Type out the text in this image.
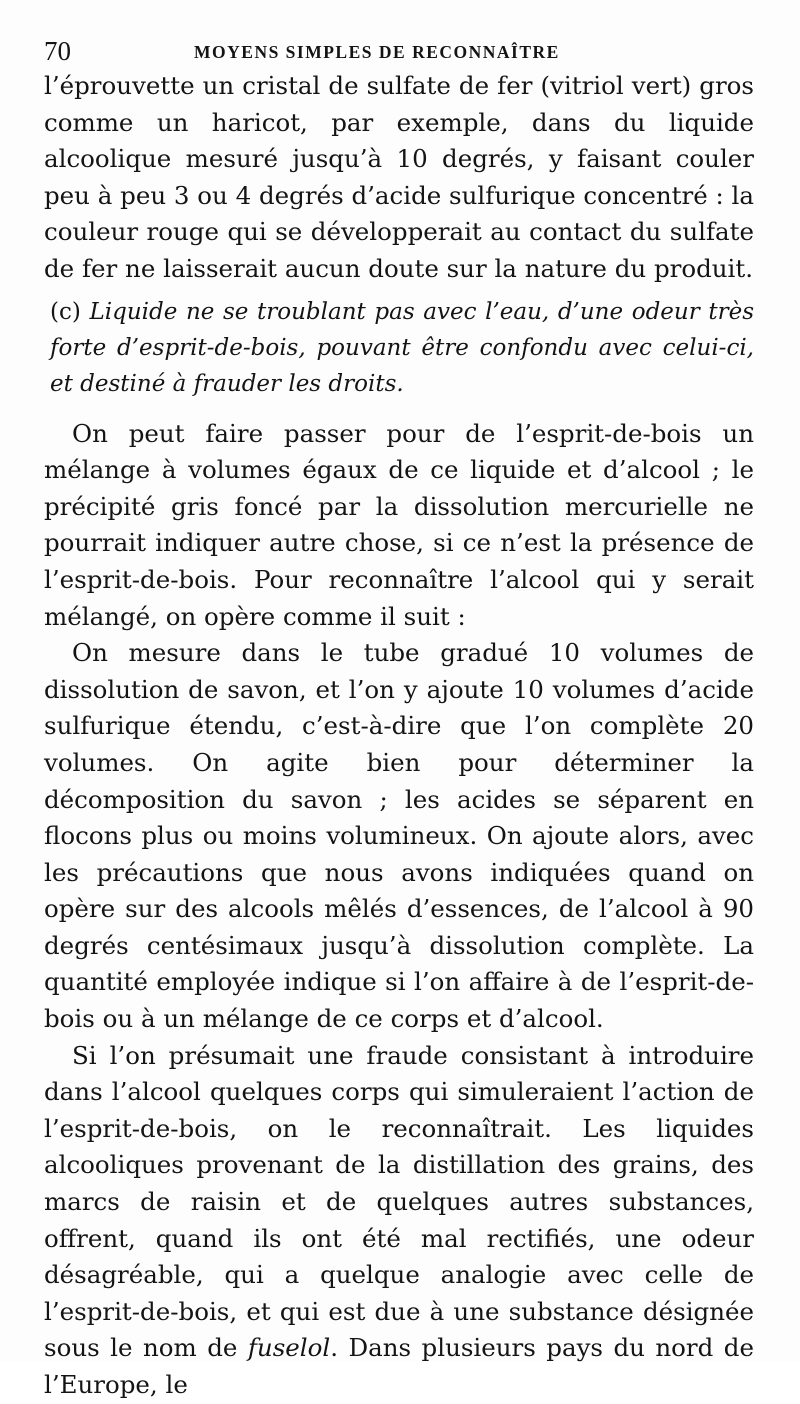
70	MOYENS SIMPLES DE RECONNAÎTRE

l’éprouvette un cristal de sulfate de fer (vitriol vert) gros comme un haricot, par exemple, dans du liquide alcoolique mesuré jusqu’à 10 degrés, y faisant couler peu à peu 3 ou 4 degrés d’acide sulfurique concentré : la couleur rouge qui se développerait au contact du sulfate de fer ne laisserait aucun doute sur la nature du produit.

(c) Liquide ne se troublant pas avec l’eau, d’une odeur très forte d’esprit-de-bois, pouvant être confondu avec celui-ci, et destiné à frauder les droits.

On peut faire passer pour de l’esprit-de-bois un mélange à volumes égaux de ce liquide et d’alcool ; le précipité gris foncé par la dissolution mercurielle ne pourrait indiquer autre chose, si ce n’est la présence de l’esprit-de-bois. Pour reconnaître l’alcool qui y serait mélangé, on opère comme il suit :

On mesure dans le tube gradué 10 volumes de dissolution de savon, et l’on y ajoute 10 volumes d’acide sulfurique étendu, c’est-à-dire que l’on complète 20 volumes. On agite bien pour déterminer la décomposition du savon ; les acides se séparent en flocons plus ou moins volumineux. On ajoute alors, avec les précautions que nous avons indiquées quand on opère sur des alcools mêlés d’essences, de l’alcool à 90 degrés centésimaux jusqu’à dissolution complète. La quantité employée indique si l’on affaire à de l’esprit-de-bois ou à un mélange de ce corps et d’alcool.

Si l’on présumait une fraude consistant à introduire dans l’alcool quelques corps qui simuleraient l’action de l’esprit-de-bois, on le reconnaîtrait. Les liquides alcooliques provenant de la distillation des grains, des marcs de raisin et de quelques autres substances, offrent, quand ils ont été mal rectifiés, une odeur désagréable, qui a quelque analogie avec celle de l’esprit-de-bois, et qui est due à une substance désignée sous le nom de fuselol. Dans plusieurs pays du nord de l’Europe, le
